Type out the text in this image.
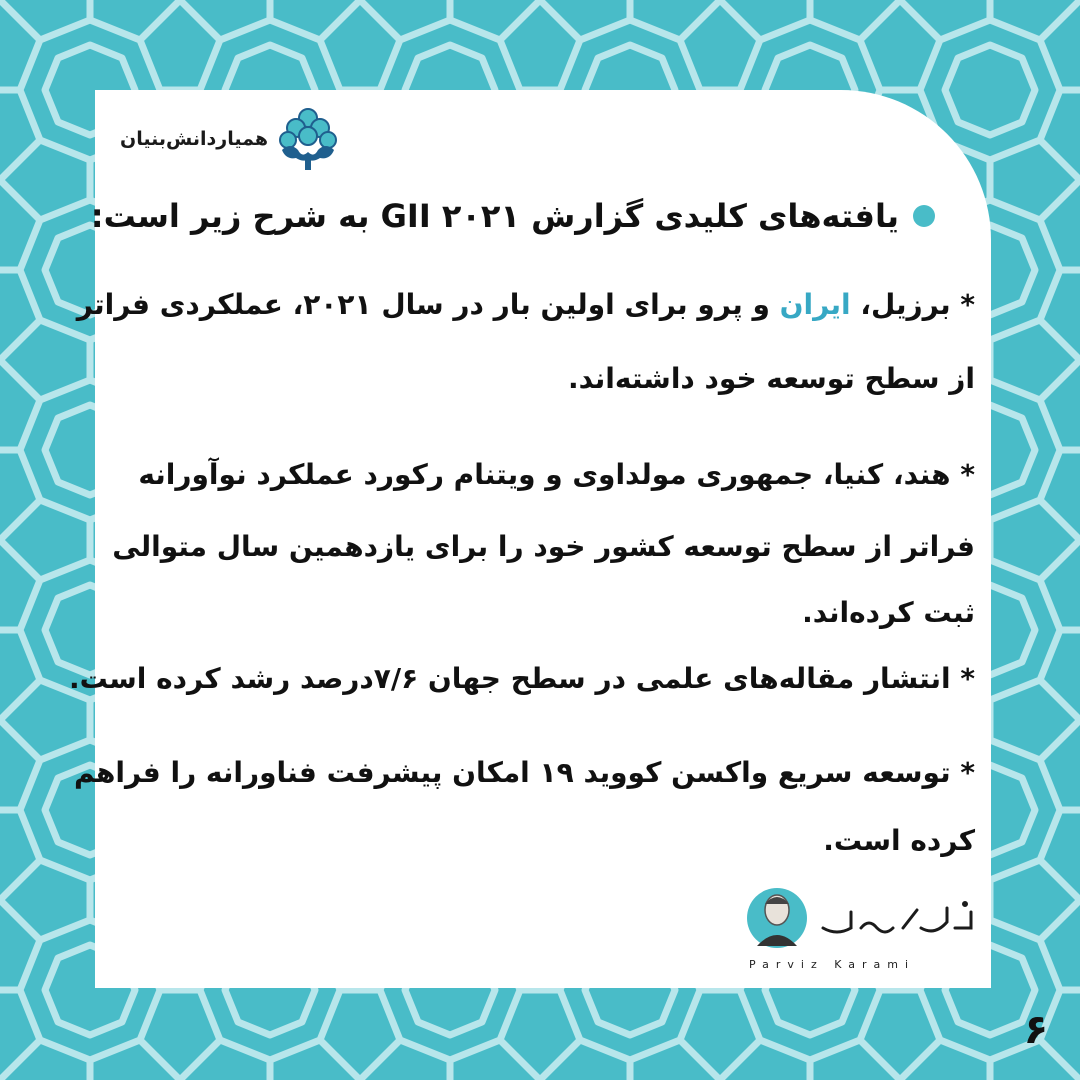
همیاردانش‌بنیان
یافته‌های کلیدی گزارش GII ۲۰۲۱ به شرح زیر است:
* برزیل، ایران و پرو برای اولین بار در سال ۲۰۲۱، عملکردی فراتر
از سطح توسعه خود داشته‌اند.
* هند، کنیا، جمهوری مولداوی و ویتنام رکورد عملکرد نوآورانه
فراتر از سطح توسعه کشور خود را برای یازدهمین سال متوالی
ثبت کرده‌اند.
* انتشار مقاله‌های علمی در سطح جهان ۷/۶درصد رشد کرده است.
* توسعه سریع واکسن کووید ۱۹ امکان پیشرفت فناورانه را فراهم
کرده است.
Parviz Karami
۶
